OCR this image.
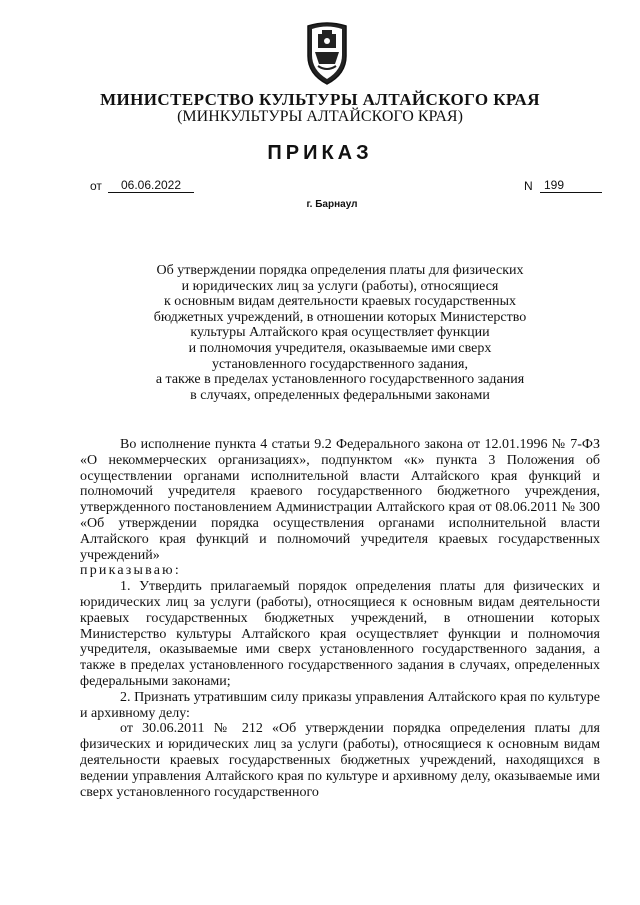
МИНИСТЕРСТВО КУЛЬТУРЫ АЛТАЙСКОГО КРАЯ
(МИНКУЛЬТУРЫ АЛТАЙСКОГО КРАЯ)
ПРИКАЗ
от	06.06.2022	N 199
г. Барнаул
Об утверждении порядка определения платы для физических
и юридических лиц за услуги (работы), относящиеся
к основным видам деятельности краевых государственных
бюджетных учреждений, в отношении которых Министерство
культуры Алтайского края осуществляет функции
и полномочия учредителя, оказываемые ими сверх
установленного государственного задания,
а также в пределах установленного государственного задания
в случаях, определенных федеральными законами

Во исполнение пункта 4 статьи 9.2 Федерального закона от 12.01.1996 № 7-ФЗ «О некоммерческих организациях», подпунктом «к» пункта 3 Положения об осуществлении органами исполнительной власти Алтайского края функций и полномочий учредителя краевого государственного бюджетного учреждения, утвержденного постановлением Администрации Алтайского края от 08.06.2011 № 300 «Об утверждении порядка осуществления органами исполнительной власти Алтайского края функций и полномочий учредителя краевых государственных учреждений»

приказываю:

1. Утвердить прилагаемый порядок определения платы для физических и юридических лиц за услуги (работы), относящиеся к основным видам деятельности краевых государственных бюджетных учреждений, в отношении которых Министерство культуры Алтайского края осуществляет функции и полномочия учредителя, оказываемые ими сверх установленного государственного задания, а также в пределах установленного государственного задания в случаях, определенных федеральными законами;

2. Признать утратившим силу приказы управления Алтайского края по культуре и архивному делу:

от 30.06.2011 № 212 «Об утверждении порядка определения платы для физических и юридических лиц за услуги (работы), относящиеся к основным видам деятельности краевых государственных бюджетных учреждений, находящихся в ведении управления Алтайского края по культуре и архивному делу, оказываемые ими сверх установленного государственного
